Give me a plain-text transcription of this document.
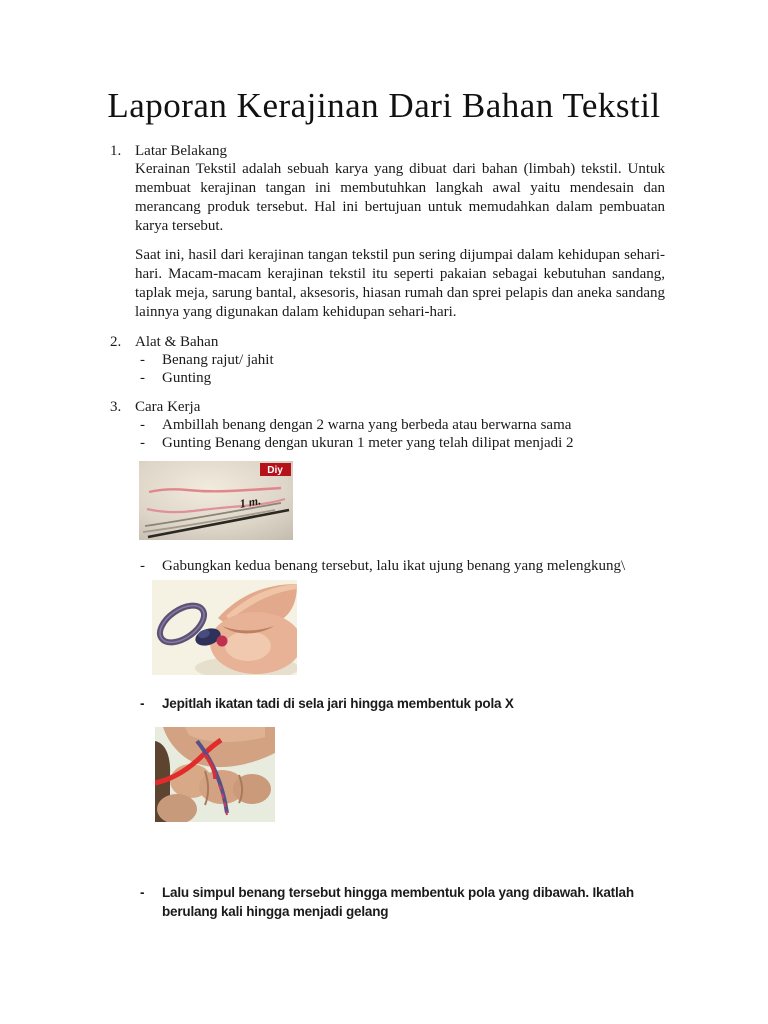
Laporan Kerajinan Dari Bahan Tekstil
1. Latar Belakang
Kerainan Tekstil adalah sebuah karya yang dibuat dari bahan (limbah) tekstil. Untuk membuat kerajinan tangan ini membutuhkan langkah awal yaitu mendesain dan merancang produk tersebut. Hal ini bertujuan untuk memudahkan dalam pembuatan karya tersebut.
Saat ini, hasil dari kerajinan tangan tekstil pun sering dijumpai dalam kehidupan sehari-hari. Macam-macam kerajinan tekstil itu seperti pakaian sebagai kebutuhan sandang, taplak meja, sarung bantal, aksesoris, hiasan rumah dan sprei pelapis dan aneka sandang lainnya yang digunakan dalam kehidupan sehari-hari.
2. Alat & Bahan
- Benang rajut/ jahit
- Gunting
3. Cara Kerja
- Ambillah benang dengan 2 warna yang berbeda atau berwarna sama
- Gunting Benang dengan ukuran 1 meter yang telah dilipat menjadi 2
Diy
1 m.
- Gabungkan kedua benang tersebut, lalu ikat ujung benang yang melengkung\
- Jepitlah ikatan tadi di sela jari hingga membentuk pola X
- Lalu simpul benang tersebut hingga membentuk pola yang dibawah. Ikatlah berulang kali hingga menjadi gelang
